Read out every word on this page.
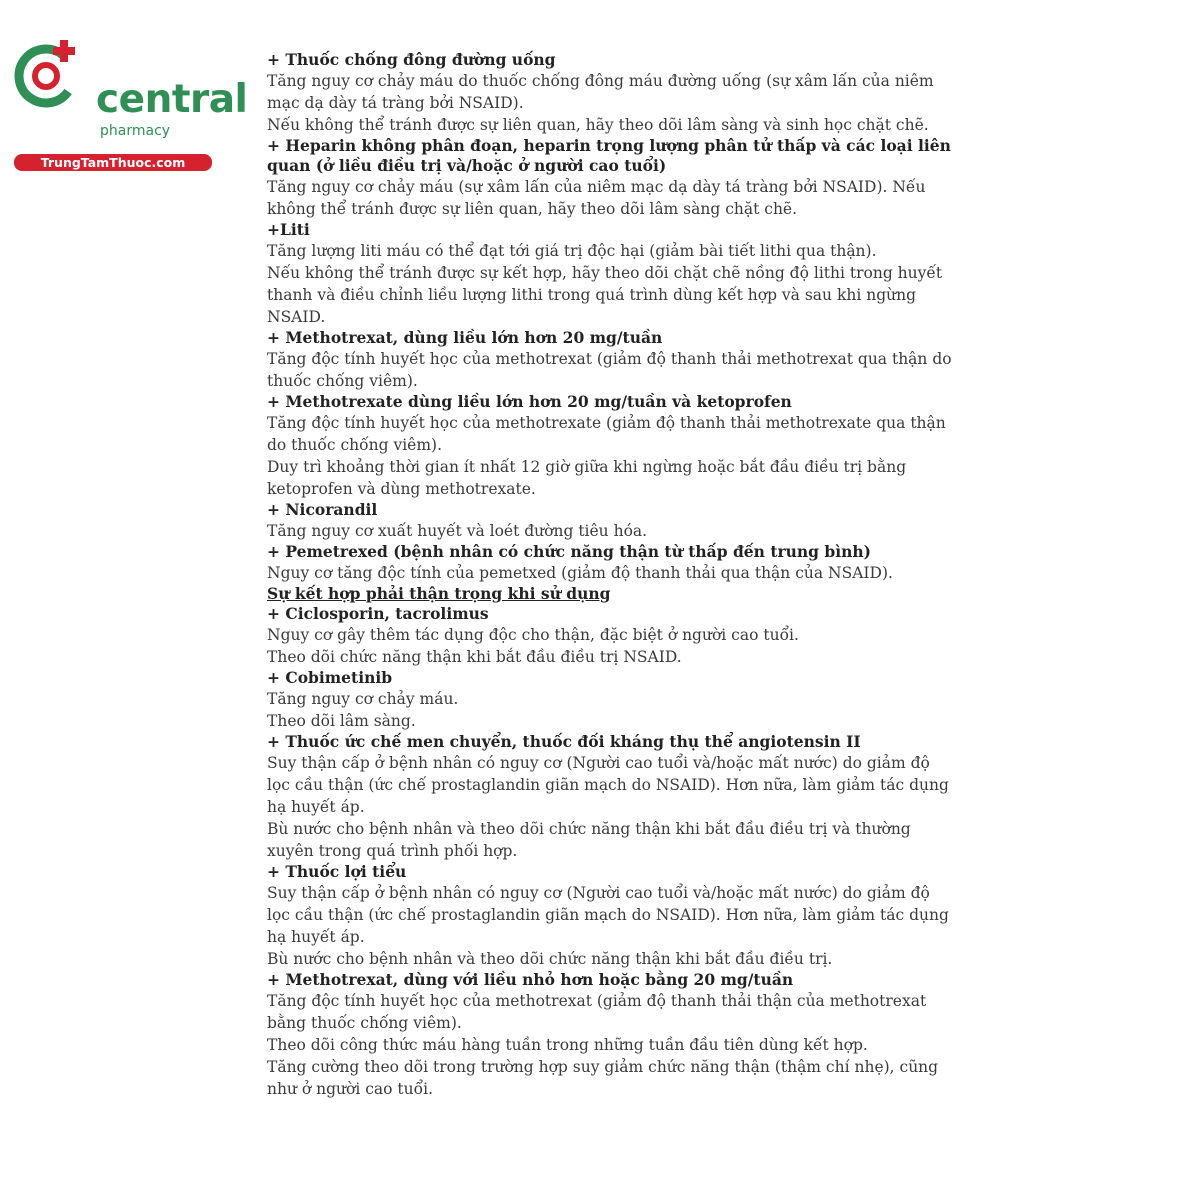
central
pharmacy
TrungTamThuoc.com

+ Thuốc chống đông đường uống

Tăng nguy cơ chảy máu do thuốc chống đông máu đường uống (sự xâm lấn của niêm mạc dạ dày tá tràng bởi NSAID).

Nếu không thể tránh được sự liên quan, hãy theo dõi lâm sàng và sinh học chặt chẽ.

+ Heparin không phân đoạn, heparin trọng lượng phân tử thấp và các loại liên quan (ở liều điều trị và/hoặc ở người cao tuổi)

Tăng nguy cơ chảy máu (sự xâm lấn của niêm mạc dạ dày tá tràng bởi NSAID). Nếu không thể tránh được sự liên quan, hãy theo dõi lâm sàng chặt chẽ.

+Liti

Tăng lượng liti máu có thể đạt tới giá trị độc hại (giảm bài tiết lithi qua thận).

Nếu không thể tránh được sự kết hợp, hãy theo dõi chặt chẽ nồng độ lithi trong huyết thanh và điều chỉnh liều lượng lithi trong quá trình dùng kết hợp và sau khi ngừng NSAID.

+ Methotrexat, dùng liều lớn hơn 20 mg/tuần

Tăng độc tính huyết học của methotrexat (giảm độ thanh thải methotrexat qua thận do thuốc chống viêm).

+ Methotrexate dùng liều lớn hơn 20 mg/tuần và ketoprofen

Tăng độc tính huyết học của methotrexate (giảm độ thanh thải methotrexate qua thận do thuốc chống viêm).

Duy trì khoảng thời gian ít nhất 12 giờ giữa khi ngừng hoặc bắt đầu điều trị bằng ketoprofen và dùng methotrexate.

+ Nicorandil

Tăng nguy cơ xuất huyết và loét đường tiêu hóa.

+ Pemetrexed (bệnh nhân có chức năng thận từ thấp đến trung bình)

Nguy cơ tăng độc tính của pemetxed (giảm độ thanh thải qua thận của NSAID).

Sự kết hợp phải thận trọng khi sử dụng

+ Ciclosporin, tacrolimus

Nguy cơ gây thêm tác dụng độc cho thận, đặc biệt ở người cao tuổi.

Theo dõi chức năng thận khi bắt đầu điều trị NSAID.

+ Cobimetinib

Tăng nguy cơ chảy máu.

Theo dõi lâm sàng.

+ Thuốc ức chế men chuyển, thuốc đối kháng thụ thể angiotensin II

Suy thận cấp ở bệnh nhân có nguy cơ (Người cao tuổi và/hoặc mất nước) do giảm độ lọc cầu thận (ức chế prostaglandin giãn mạch do NSAID). Hơn nữa, làm giảm tác dụng hạ huyết áp.

Bù nước cho bệnh nhân và theo dõi chức năng thận khi bắt đầu điều trị và thường xuyên trong quá trình phối hợp.

+ Thuốc lợi tiểu

Suy thận cấp ở bệnh nhân có nguy cơ (Người cao tuổi và/hoặc mất nước) do giảm độ lọc cầu thận (ức chế prostaglandin giãn mạch do NSAID). Hơn nữa, làm giảm tác dụng hạ huyết áp.

Bù nước cho bệnh nhân và theo dõi chức năng thận khi bắt đầu điều trị.

+ Methotrexat, dùng với liều nhỏ hơn hoặc bằng 20 mg/tuần

Tăng độc tính huyết học của methotrexat (giảm độ thanh thải thận của methotrexat bằng thuốc chống viêm).

Theo dõi công thức máu hàng tuần trong những tuần đầu tiên dùng kết hợp.

Tăng cường theo dõi trong trường hợp suy giảm chức năng thận (thậm chí nhẹ), cũng như ở người cao tuổi.
